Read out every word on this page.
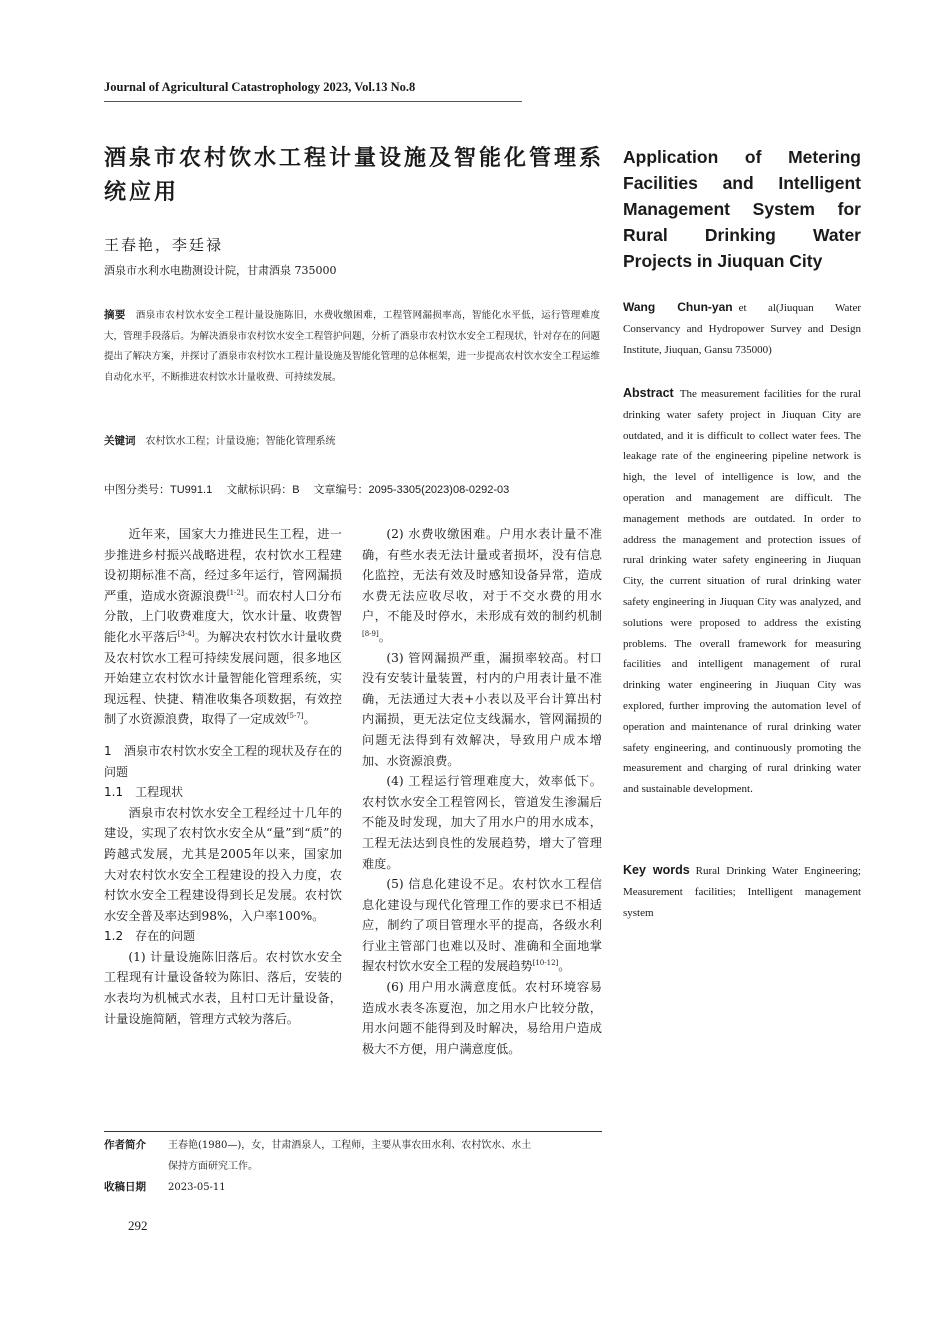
Journal of Agricultural Catastrophology 2023, Vol.13 No.8
酒泉市农村饮水工程计量设施及智能化管理系统应用
王春艳，李廷禄
酒泉市水利水电勘测设计院，甘肃酒泉 735000
摘要 酒泉市农村饮水安全工程计量设施陈旧，水费收缴困难，工程管网漏损率高，智能化水平低，运行管理难度大，管理手段落后。为解决酒泉市农村饮水安全工程管护问题，分析了酒泉市农村饮水安全工程现状，针对存在的问题提出了解决方案，并探讨了酒泉市农村饮水工程计量设施及智能化管理的总体框架，进一步提高农村饮水安全工程运维自动化水平，不断推进农村饮水计量收费、可持续发展。
关键词 农村饮水工程；计量设施；智能化管理系统
中图分类号：TU991.1 文献标识码：B 文章编号：2095-3305(2023)08-0292-03

近年来，国家大力推进民生工程，进一步推进乡村振兴战略进程，农村饮水工程建设初期标准不高，经过多年运行，管网漏损严重，造成水资源浪费[1-2]。而农村人口分布分散，上门收费难度大，饮水计量、收费智能化水平落后[3-4]。为解决农村饮水计量收费及农村饮水工程可持续发展问题，很多地区开始建立农村饮水计量智能化管理系统，实现远程、快捷、精准收集各项数据，有效控制了水资源浪费，取得了一定成效[5-7]。

1　酒泉市农村饮水安全工程的现状及存在的问题

1.1　工程现状

酒泉市农村饮水安全工程经过十几年的建设，实现了农村饮水安全从“量”到“质”的跨越式发展，尤其是2005年以来，国家加大对农村饮水安全工程建设的投入力度，农村饮水安全工程建设得到长足发展。农村饮水安全普及率达到98%，入户率100%。

1.2　存在的问题

(1) 计量设施陈旧落后。农村饮水安全工程现有计量设备较为陈旧、落后，安装的水表均为机械式水表，且村口无计量设备，计量设施简陋，管理方式较为落后。

(2) 水费收缴困难。户用水表计量不准确，有些水表无法计量或者损坏，没有信息化监控，无法有效及时感知设备异常，造成水费无法应收尽收，对于不交水费的用水户，不能及时停水，未形成有效的制约机制[8-9]。

(3) 管网漏损严重，漏损率较高。村口没有安装计量装置，村内的户用表计量不准确，无法通过大表+小表以及平台计算出村内漏损，更无法定位支线漏水，管网漏损的问题无法得到有效解决，导致用户成本增加、水资源浪费。

(4) 工程运行管理难度大，效率低下。农村饮水安全工程管网长，管道发生渗漏后不能及时发现，加大了用水户的用水成本，工程无法达到良性的发展趋势，增大了管理难度。

(5) 信息化建设不足。农村饮水工程信息化建设与现代化管理工作的要求已不相适应，制约了项目管理水平的提高，各级水利行业主管部门也难以及时、准确和全面地掌握农村饮水安全工程的发展趋势[10-12]。

(6) 用户用水满意度低。农村环境容易造成水表冬冻夏泡，加之用水户比较分散，用水问题不能得到及时解决，易给用户造成极大不方便，用户满意度低。

作者简介 王春艳(1980—)，女，甘肃酒泉人，工程师，主要从事农田水利、农村饮水、水土
保持方面研究工作。
收稿日期 2023-05-11
292
Application of Metering Facilities and Intelligent Management System for Rural Drinking Water Projects in Jiuquan City
Wang Chun-yan et al(Jiuquan Water Conservancy and Hydropower Survey and Design Institute, Jiuquan, Gansu 735000)
Abstract The measurement facilities for the rural drinking water safety project in Jiuquan City are outdated, and it is difficult to collect water fees. The leakage rate of the engineering pipeline network is high, the level of intelligence is low, and the operation and management are difficult. The management methods are outdated. In order to address the management and protection issues of rural drinking water safety engineering in Jiuquan City, the current situation of rural drinking water safety engineering in Jiuquan City was analyzed, and solutions were proposed to address the existing problems. The overall framework for measuring facilities and intelligent management of rural drinking water engineering in Jiuquan City was explored, further improving the automation level of operation and maintenance of rural drinking water safety engineering, and continuously promoting the measurement and charging of rural drinking water and sustainable development.
Key words Rural Drinking Water Engineering; Measurement facilities; Intelligent management system
